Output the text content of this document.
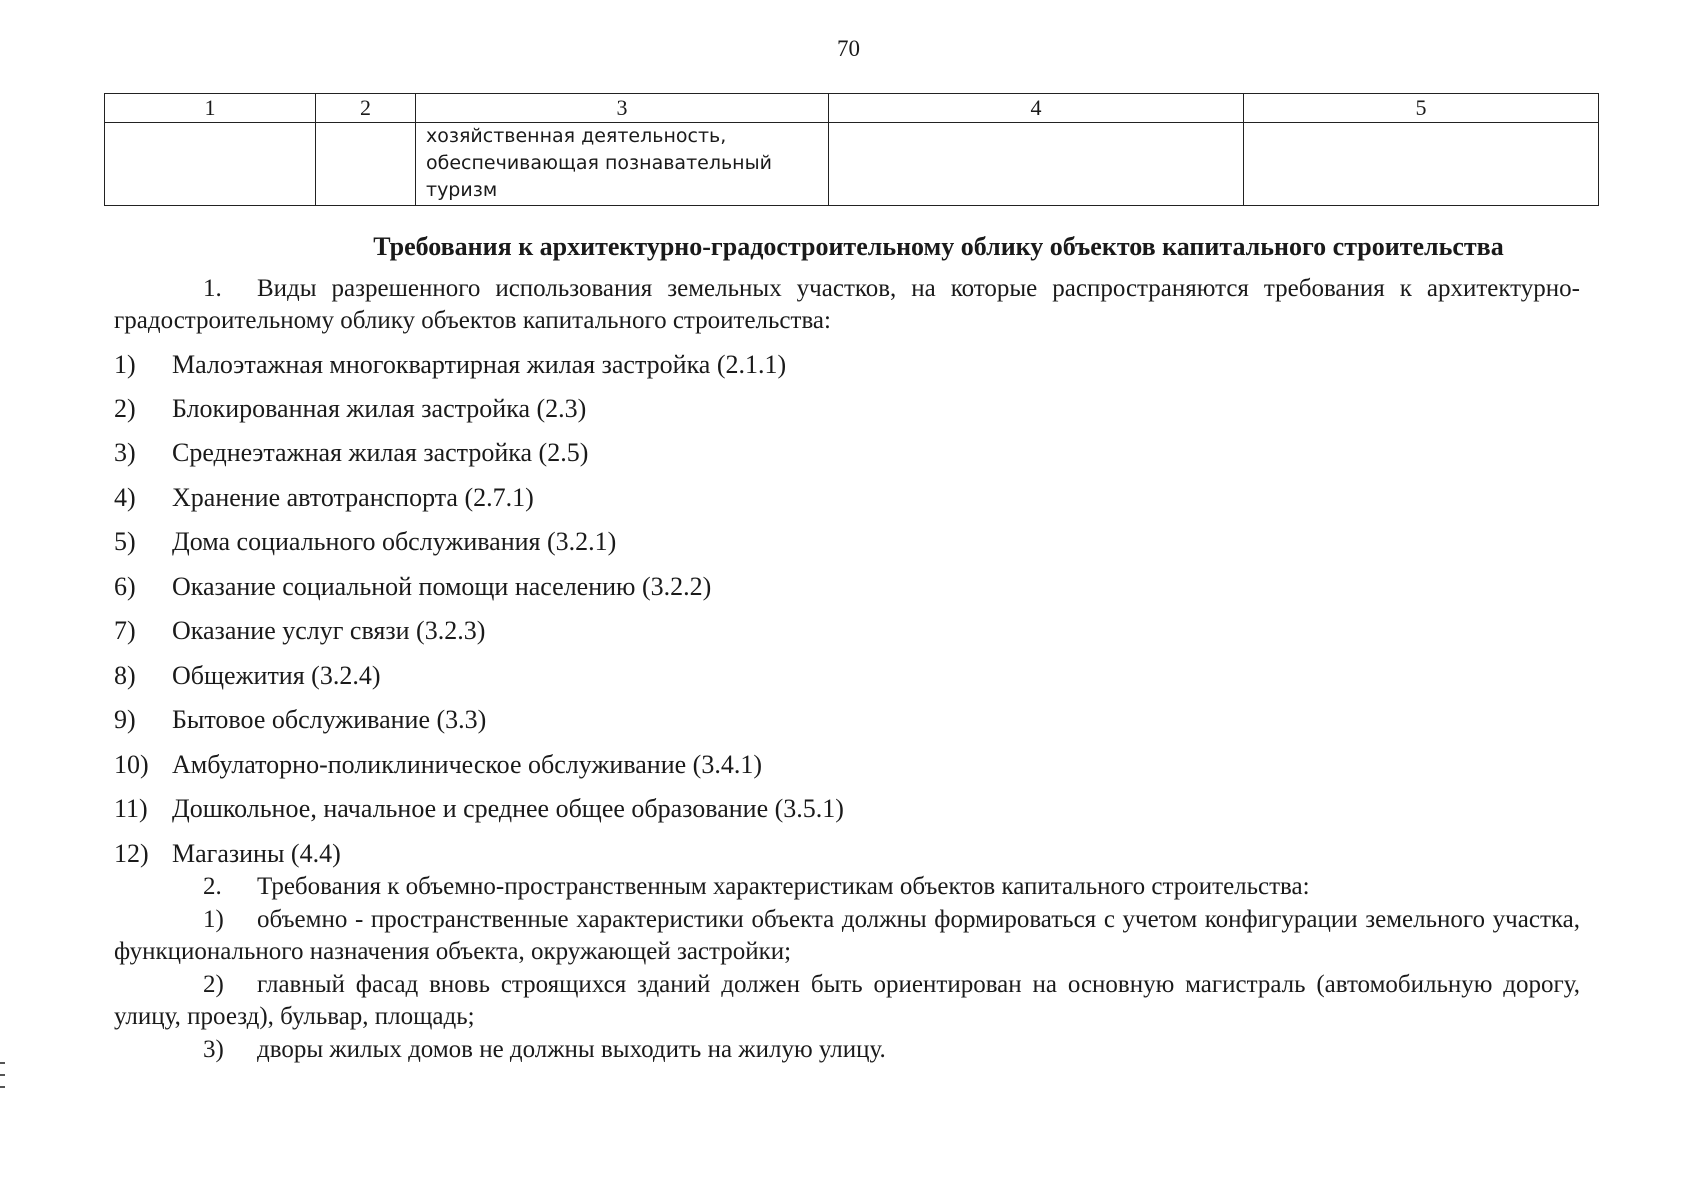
70
1	2	3	4	5

		хозяйственная деятельность,
обеспечивающая познавательный
туризм		

Требования к архитектурно-градостроительному облику объектов капитального строительства
1. Виды разрешенного использования земельных участков, на которые распространяются требования к архитектурно-градостроительному облику объектов капитального строительства:
1) Малоэтажная многоквартирная жилая застройка (2.1.1)
2) Блокированная жилая застройка (2.3)
3) Среднеэтажная жилая застройка (2.5)
4) Хранение автотранспорта (2.7.1)
5) Дома социального обслуживания (3.2.1)
6) Оказание социальной помощи населению (3.2.2)
7) Оказание услуг связи (3.2.3)
8) Общежития (3.2.4)
9) Бытовое обслуживание (3.3)
10) Амбулаторно-поликлиническое обслуживание (3.4.1)
11) Дошкольное, начальное и среднее общее образование (3.5.1)
12) Магазины (4.4)
2. Требования к объемно-пространственным характеристикам объектов капитального строительства:
1) объемно - пространственные характеристики объекта должны формироваться с учетом конфигурации земельного участка, функционального назначения объекта, окружающей застройки;
2) главный фасад вновь строящихся зданий должен быть ориентирован на основную магистраль (автомобильную дорогу, улицу, проезд), бульвар, площадь;
3) дворы жилых домов не должны выходить на жилую улицу.
